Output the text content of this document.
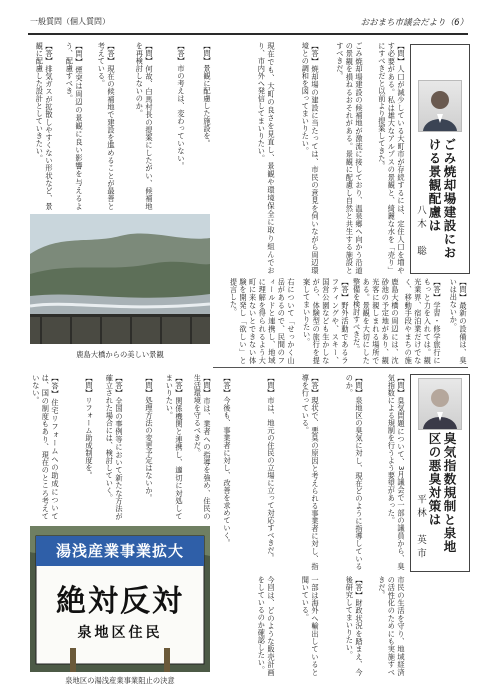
一般質問（個人質問）	おおまち市議会だより（6）
ごみ焼却場建設における景観配慮は
八木　聡
【問】人口が減少している大町市が存続するには、定住人口を増やす必要がある。私は雄大なアルプスの景観と、綺麗な水を「売り」にすべきだと以前より提案してきた。
ごみ焼却場建設の候補地が激流に接しており、温泉郷へ向かう沿道の景観を損ねるおそれがある。景観に配慮し自然と共生する施設とすべきだ。
【答】焼却場の建設に当たっては、市民の意見を伺いながら周辺環境との調和を図ってまいりたい。
現在でも、大町の良さを見直し、景観や環境保全に取り組んでおり、市内外へ発信してまいりたい。
【問】最新の設備は、臭いは出ないか。
【答】学習・修学旅行にもっと力を入れては。観光業界、宿泊業だけでなく、移動手段やまちの施
鹿島大橋の周辺には、沈砂池の予定地があり、観光客に親しまれる場所である。景観を大切にした整備を検討すべきだ。
【答】野外活動であるラフティングや、スキー、国営公園なども生かしながら、体験型の旅行を提案してまいりたい。
右について「せっかく山岳があるので、民間のフィールドと連携し、地域に理解を得られるよう大町に来ないとできない体験を開発し「欲しい」と提言した。
【問】景観に配慮した施設を。
【答】市の考えは、変わっていない。
【問】何故、白馬村長の提案にしたがい、候補地を再検討しないのか。
【答】現在の候補地で建設を進めることが最善と考えている。
【問】煙突は周辺の景観に良い影響を与えるよう、配慮すべき。
【答】排気ガスが拡散しやすくない形状など、景観に配慮した設計としていきたい。
鹿島大橋からの美しい景観
臭気指数規制と泉地区の悪臭対策は
平林　英市
【問】臭気問題について、3月議会で一部の議員から、臭気指数による規制を行うよう要望があった。
【問】泉地区の臭気に対し、現在どのように指導しているのか。
【答】現状で、悪臭の原因と考えられる事業者に対し、指導を行っている。
【問】市は、地元の住民の立場に立って対応すべきだ。
【答】今後も、事業者に対し、改善を求めていく。
【問】市は、業者への指導を強め、住民の生活環境を守るべきだ。
【答】関係機関と連携し、適切に対処してまいりたい。
【問】処理方法の変更予定はないか。
【答】全国の事例等において新たな方法が確立された場合には、検討していく。
【問】リフォーム助成制度を。
【答】住宅リフォームへの助成については、国の制度もあり、現在のところ考えていない。
市民の生活を守り、地域経済の活性化のためにも実施すべきだ。
【答】財政状況を踏まえ、今後研究してまいりたい。
一部は海外へ輸出していると聞いている。
今回は、どのような販売計画をしているのか確認したい。
湯浅産業事業拡大
絶対反対
泉地区住民
泉地区の湯浅産業事業阻止の決意
